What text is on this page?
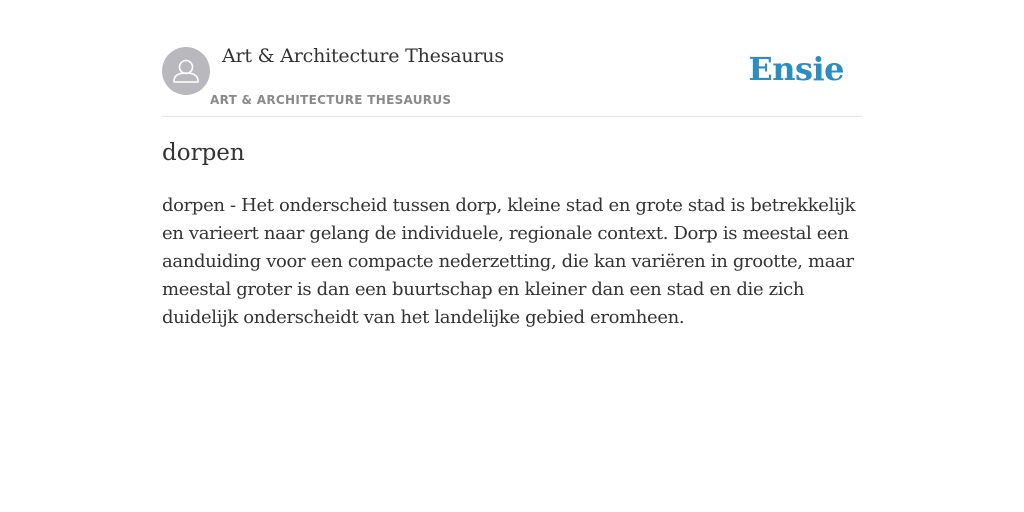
Art & Architecture Thesaurus
ART & ARCHITECTURE THESAURUS
Ensie
dorpen

dorpen - Het onderscheid tussen dorp, kleine stad en grote stad is betrekkelijk en varieert naar gelang de individuele, regionale context. Dorp is meestal een aanduiding voor een compacte nederzetting, die kan variëren in grootte, maar meestal groter is dan een buurtschap en kleiner dan een stad en die zich duidelijk onderscheidt van het landelijke gebied eromheen.
